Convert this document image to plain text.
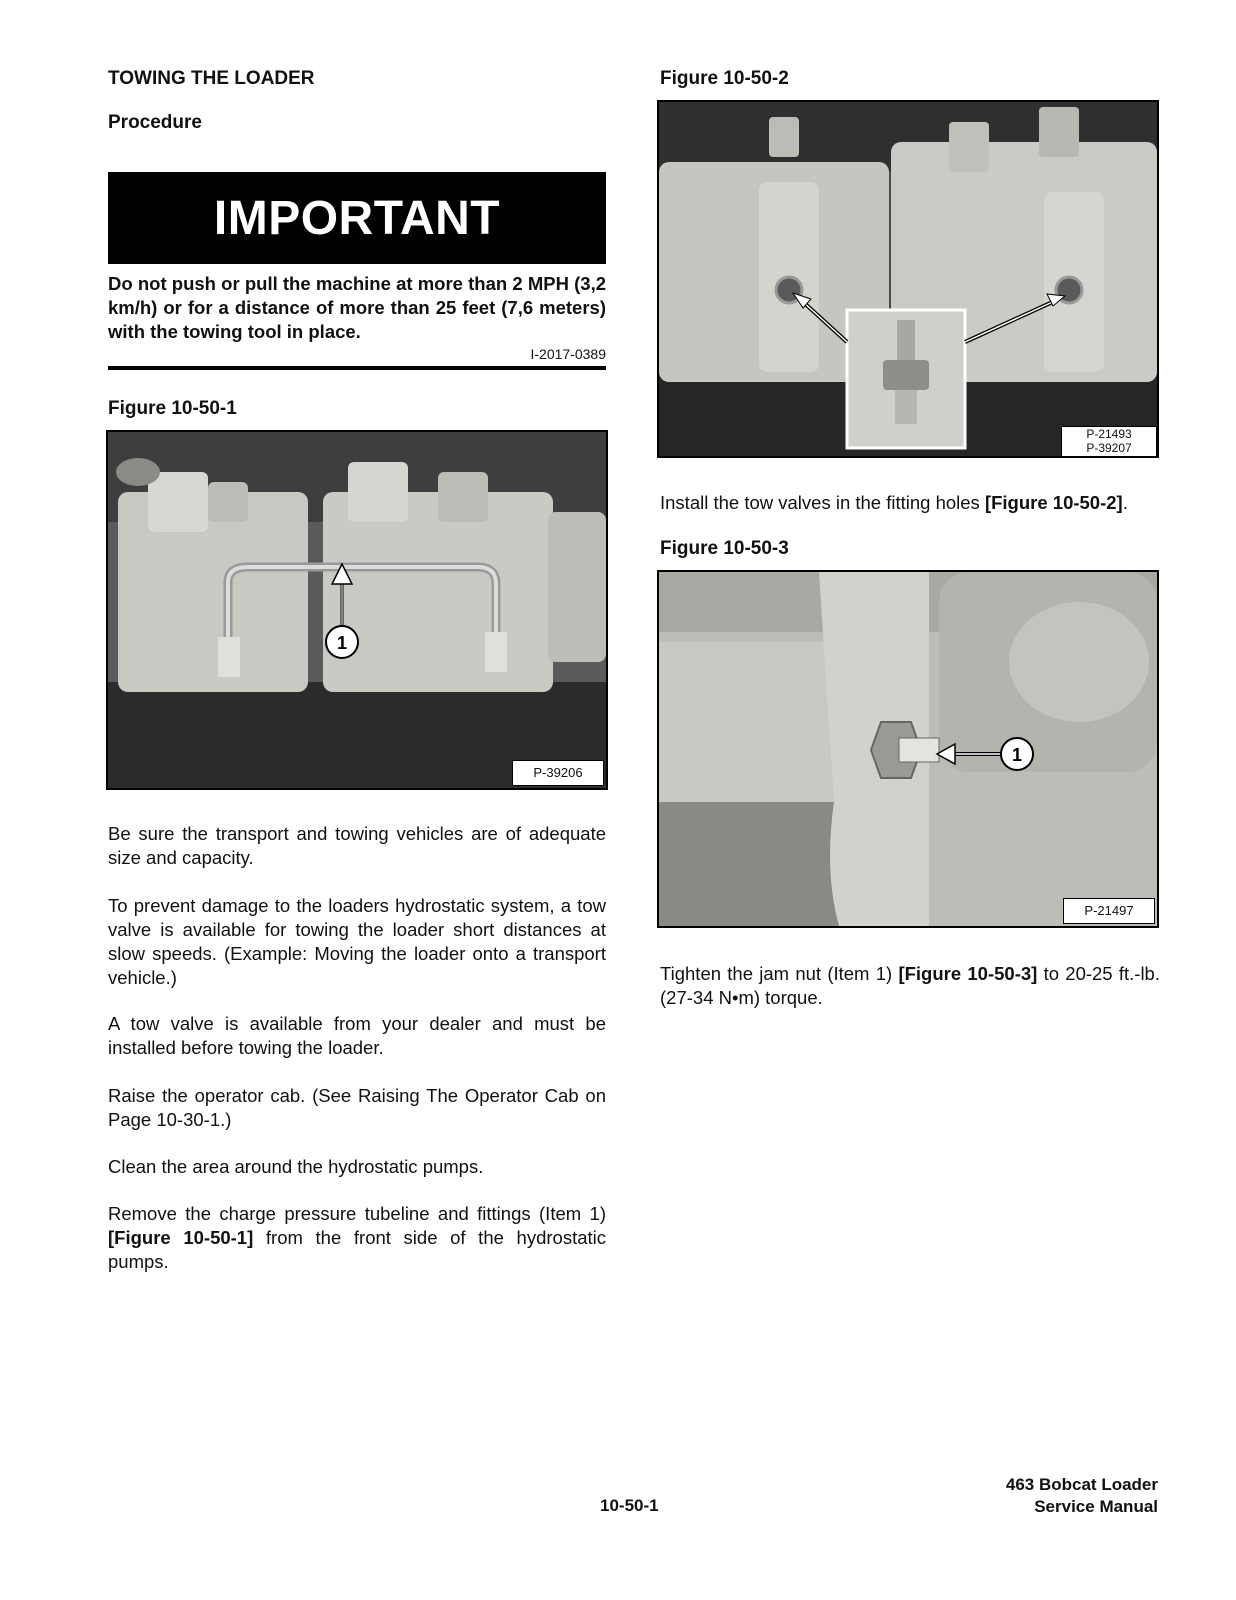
TOWING THE LOADER
Procedure
IMPORTANT

Do not push or pull the machine at more than 2 MPH (3,2 km/h) or for a distance of more than 25 feet (7,6 meters) with the towing tool in place.

I-2017-0389
Figure 10-50-1
1
P-39206

Be sure the transport and towing vehicles are of adequate size and capacity.

To prevent damage to the loaders hydrostatic system, a tow valve is available for towing the loader short distances at slow speeds. (Example: Moving the loader onto a transport vehicle.)

A tow valve is available from your dealer and must be installed before towing the loader.

Raise the operator cab. (See Raising The Operator Cab on Page 10-30-1.)

Clean the area around the hydrostatic pumps.

Remove the charge pressure tubeline and fittings (Item 1) [Figure 10-50-1] from the front side of the hydrostatic pumps.

Figure 10-50-2
P-21493
P-39207

Install the tow valves in the fitting holes [Figure 10-50-2].

Figure 10-50-3
1
P-21497

Tighten the jam nut (Item 1) [Figure 10-50-3] to 20-25 ft.-lb. (27-34 N•m) torque.

10-50-1
463 Bobcat Loader
Service Manual
